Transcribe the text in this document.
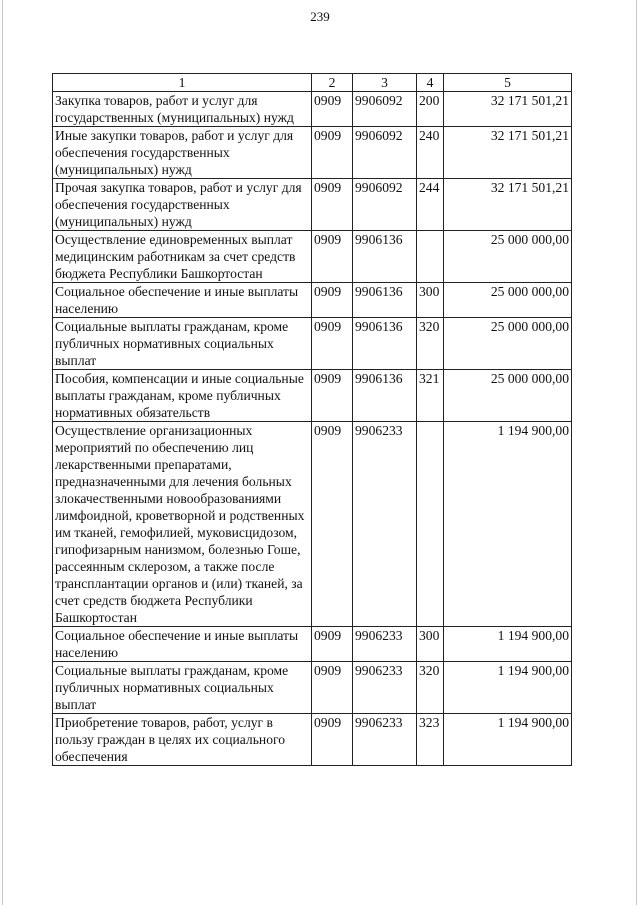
239
1	2	3	4	5
Закупка товаров, работ и услуг для государственных (муниципальных) нужд	0909	9906092	200	32 171 501,21
Иные закупки товаров, работ и услуг для обеспечения государственных (муниципальных) нужд	0909	9906092	240	32 171 501,21
Прочая закупка товаров, работ и услуг для обеспечения государственных (муниципальных) нужд	0909	9906092	244	32 171 501,21
Осуществление единовременных выплат медицинским работникам за счет средств бюджета Республики Башкортостан	0909	9906136		25 000 000,00
Социальное обеспечение и иные выплаты населению	0909	9906136	300	25 000 000,00
Социальные выплаты гражданам, кроме публичных нормативных социальных выплат	0909	9906136	320	25 000 000,00
Пособия, компенсации и иные социальные выплаты гражданам, кроме публичных нормативных обязательств	0909	9906136	321	25 000 000,00
Осуществление организационных мероприятий по обеспечению лиц лекарственными препаратами, предназначенными для лечения больных злокачественными новообразованиями лимфоидной, кроветворной и родственных им тканей, гемофилией, муковисцидозом, гипофизарным нанизмом, болезнью Гоше, рассеянным склерозом, а также после трансплантации органов и (или) тканей, за счет средств бюджета Республики Башкортостан	0909	9906233		1 194 900,00
Социальное обеспечение и иные выплаты населению	0909	9906233	300	1 194 900,00
Социальные выплаты гражданам, кроме публичных нормативных социальных выплат	0909	9906233	320	1 194 900,00
Приобретение товаров, работ, услуг в пользу граждан в целях их социального обеспечения	0909	9906233	323	1 194 900,00
